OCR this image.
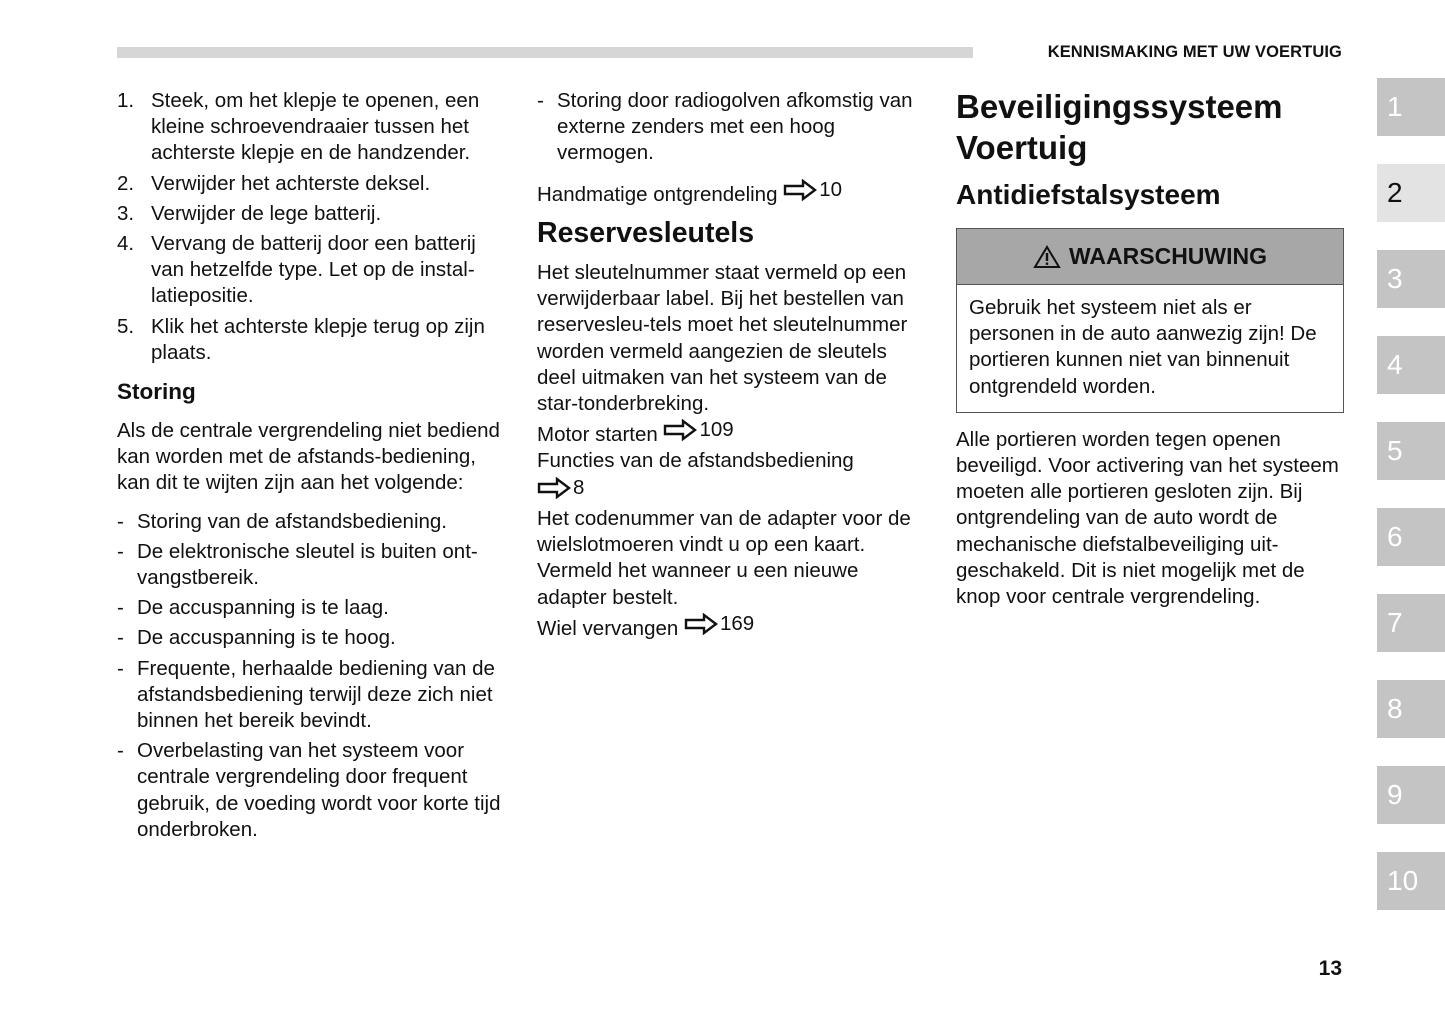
KENNISMAKING MET UW VOERTUIG
1. Steek, om het klepje te openen, een kleine schroevendraaier tussen het achterste klepje en de handzender.
2. Verwijder het achterste deksel.
3. Verwijder de lege batterij.
4. Vervang de batterij door een batterij van hetzelfde type. Let op de instal-latiepositie.
5. Klik het achterste klepje terug op zijn plaats.
Storing

Als de centrale vergrendeling niet bediend kan worden met de afstands-bediening, kan dit te wijten zijn aan het volgende:

- Storing van de afstandsbediening.
- De elektronische sleutel is buiten ont-vangstbereik.
- De accuspanning is te laag.
- De accuspanning is te hoog.
- Frequente, herhaalde bediening van de afstandsbediening terwijl deze zich niet binnen het bereik bevindt.
- Overbelasting van het systeem voor centrale vergrendeling door frequent gebruik, de voeding wordt voor korte tijd onderbroken.
- Storing door radiogolven afkomstig van externe zenders met een hoog vermogen.

Handmatige ontgrendeling 10

Reservesleutels

Het sleutelnummer staat vermeld op een verwijderbaar label. Bij het bestellen van reservesleu-tels moet het sleutelnummer worden vermeld aangezien de sleutels deel uitmaken van het systeem van de star-tonderbreking.

Motor starten 109

Functies van de afstandsbediening

8

Het codenummer van de adapter voor de wielslotmoeren vindt u op een kaart. Vermeld het wanneer u een nieuwe adapter bestelt.

Wiel vervangen 169

Beveiligingssysteem Voertuig
Antidiefstalsysteem
WAARSCHUWING
Gebruik het systeem niet als er personen in de auto aanwezig zijn! De portieren kunnen niet van binnenuit ontgrendeld worden.

Alle portieren worden tegen openen beveiligd. Voor activering van het systeem moeten alle portieren gesloten zijn. Bij ontgrendeling van de auto wordt de mechanische diefstalbeveiliging uit-geschakeld. Dit is niet mogelijk met de knop voor centrale vergrendeling.

1
2
3
4
5
6
7
8
9
10
13
